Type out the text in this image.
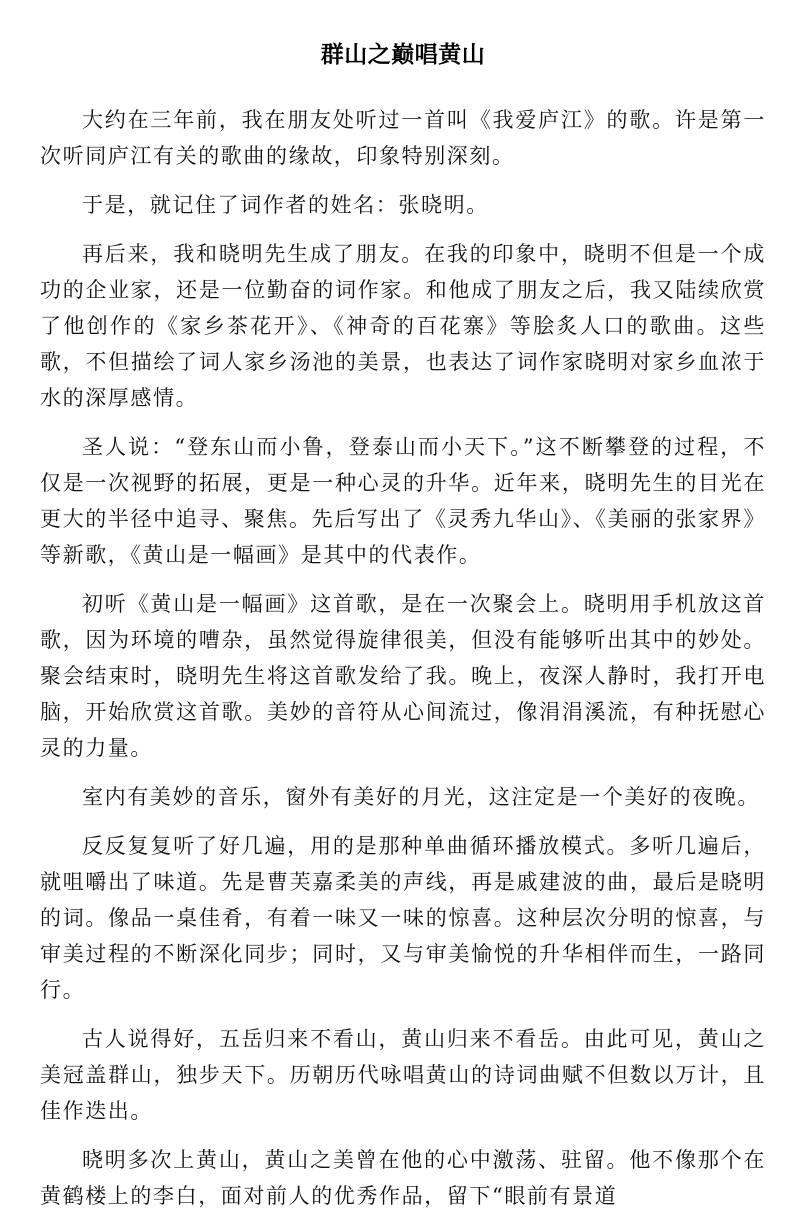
群山之巅唱黄山

大约在三年前，我在朋友处听过一首叫《我爱庐江》的歌。许是第一次听同庐江有关的歌曲的缘故，印象特别深刻。

于是，就记住了词作者的姓名：张晓明。

再后来，我和晓明先生成了朋友。在我的印象中，晓明不但是一个成功的企业家，还是一位勤奋的词作家。和他成了朋友之后，我又陆续欣赏了他创作的《家乡茶花开》、《神奇的百花寨》等脍炙人口的歌曲。这些歌，不但描绘了词人家乡汤池的美景，也表达了词作家晓明对家乡血浓于水的深厚感情。

圣人说：“登东山而小鲁，登泰山而小天下。”这不断攀登的过程，不仅是一次视野的拓展，更是一种心灵的升华。近年来，晓明先生的目光在更大的半径中追寻、聚焦。先后写出了《灵秀九华山》、《美丽的张家界》等新歌，《黄山是一幅画》是其中的代表作。

初听《黄山是一幅画》这首歌，是在一次聚会上。晓明用手机放这首歌，因为环境的嘈杂，虽然觉得旋律很美，但没有能够听出其中的妙处。聚会结束时，晓明先生将这首歌发给了我。晚上，夜深人静时，我打开电脑，开始欣赏这首歌。美妙的音符从心间流过，像涓涓溪流，有种抚慰心灵的力量。

室内有美妙的音乐，窗外有美好的月光，这注定是一个美好的夜晚。

反反复复听了好几遍，用的是那种单曲循环播放模式。多听几遍后，就咀嚼出了味道。先是曹芙嘉柔美的声线，再是戚建波的曲，最后是晓明的词。像品一桌佳肴，有着一味又一味的惊喜。这种层次分明的惊喜，与审美过程的不断深化同步；同时，又与审美愉悦的升华相伴而生，一路同行。

古人说得好，五岳归来不看山，黄山归来不看岳。由此可见，黄山之美冠盖群山，独步天下。历朝历代咏唱黄山的诗词曲赋不但数以万计，且佳作迭出。

晓明多次上黄山，黄山之美曾在他的心中激荡、驻留。他不像那个在黄鹤楼上的李白，面对前人的优秀作品，留下“眼前有景道
